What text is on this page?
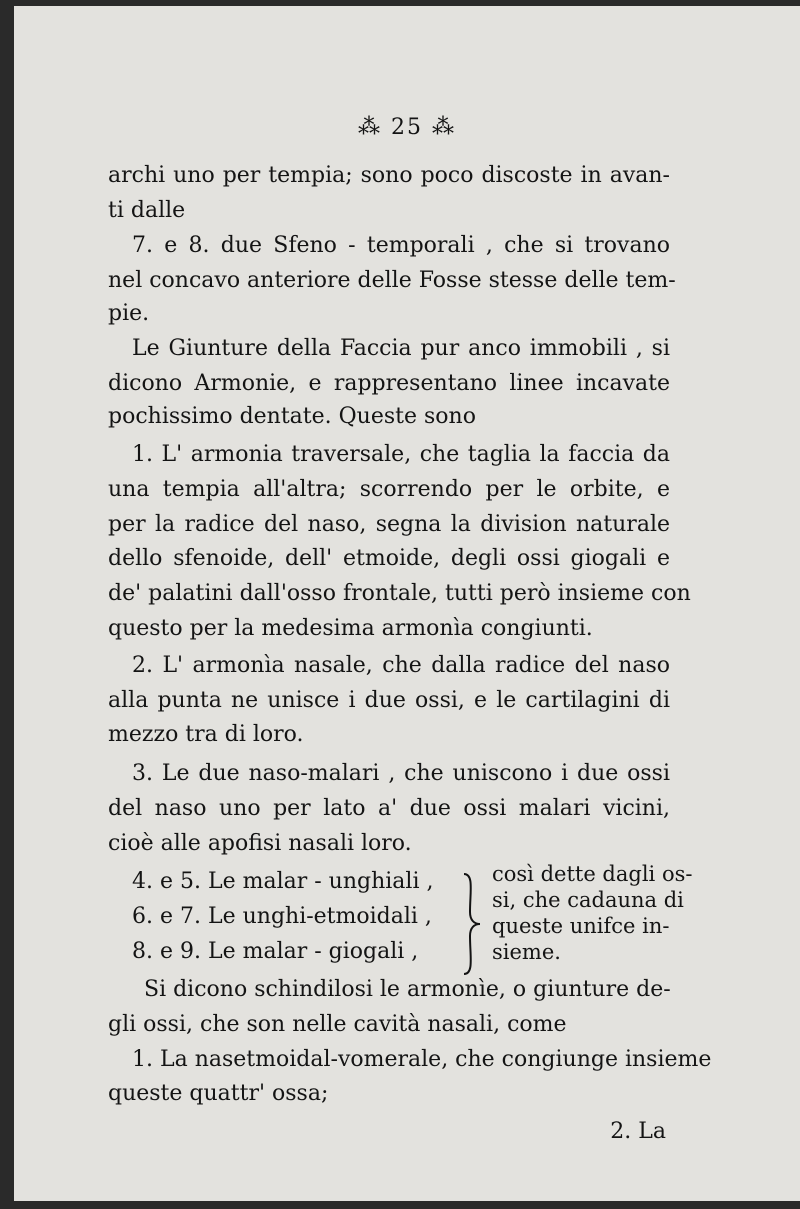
⁂ 25 ⁂
archi uno per tempia; sono poco discoste in avan-
ti dalle
7. e 8. due Sfeno - temporali , che si trovano
nel concavo anteriore delle Fosse stesse delle tem-
pie.
Le Giunture della Faccia pur anco immobili , si
dicono Armonie, e rappresentano linee incavate
pochissimo dentate. Queste sono
1. L' armonia traversale, che taglia la faccia da
una tempia all'altra; scorrendo per le orbite, e
per la radice del naso, segna la division naturale
dello sfenoide, dell' etmoide, degli ossi giogali e
de' palatini dall'osso frontale, tutti però insieme con
questo per la medesima armonìa congiunti.
2. L' armonìa nasale, che dalla radice del naso
alla punta ne unisce i due ossi, e le cartilagini di
mezzo tra di loro.
3. Le due naso-malari , che uniscono i due ossi
del naso uno per lato a' due ossi malari vicini,
cioè alle apofisi nasali loro.
4. e 5. Le malar - unghiali ,
6. e 7. Le unghi-etmoidali ,
8. e 9. Le malar - giogali ,
così dette dagli os-
si, che cadauna di
queste unifce in-
sieme.
Si dicono schindilosi le armonìe, o giunture de-
gli ossi, che son nelle cavità nasali, come
1. La nasetmoidal-vomerale, che congiunge insieme
queste quattr' ossa;
2. La
